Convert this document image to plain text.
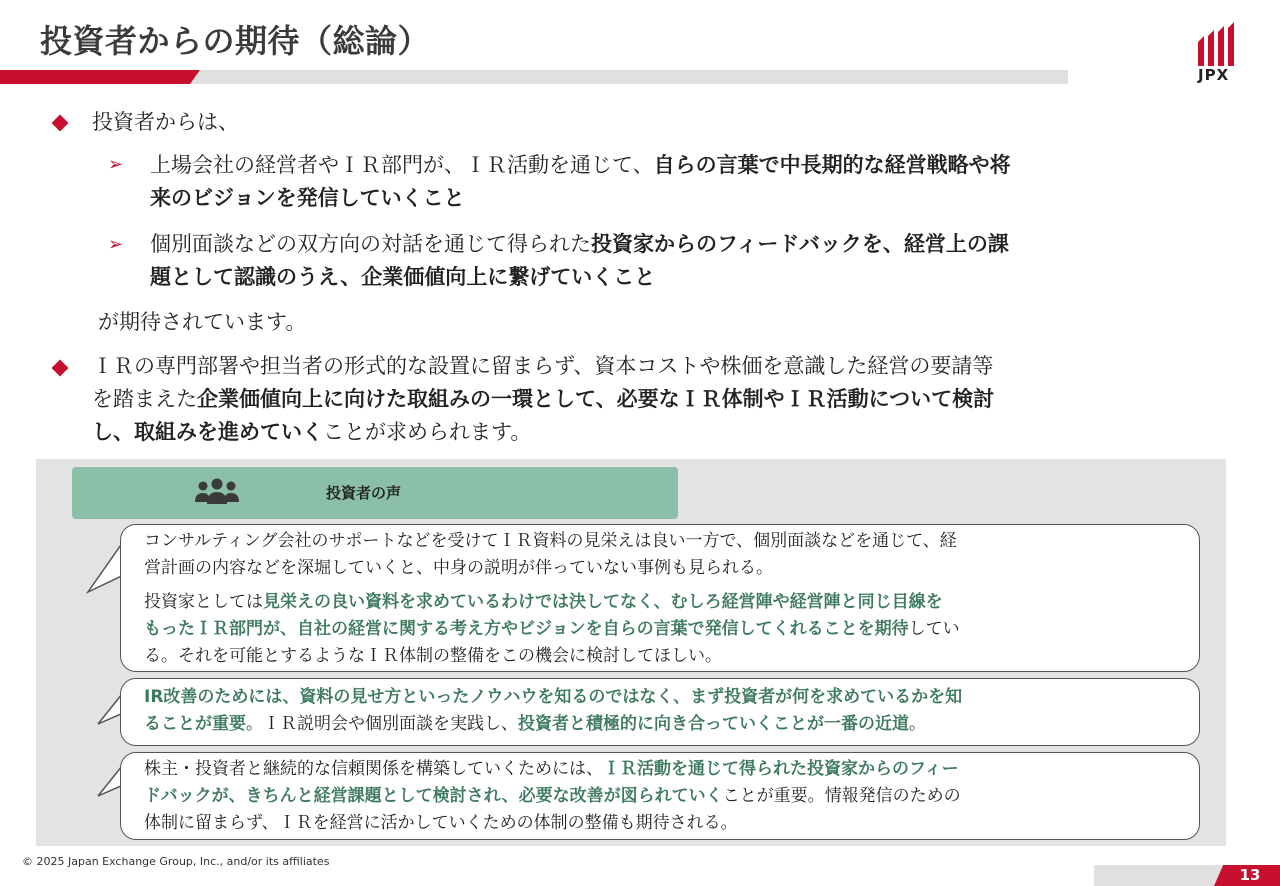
投資者からの期待（総論）
JPX
投資者からは、
➢ 上場会社の経営者やＩＲ部門が、ＩＲ活動を通じて、自らの言葉で中長期的な経営戦略や将
来のビジョンを発信していくこと
➢ 個別面談などの双方向の対話を通じて得られた投資家からのフィードバックを、経営上の課
題として認識のうえ、企業価値向上に繋げていくこと
が期待されています。
ＩＲの専門部署や担当者の形式的な設置に留まらず、資本コストや株価を意識した経営の要請等
を踏まえた企業価値向上に向けた取組みの一環として、必要なＩＲ体制やＩＲ活動について検討
し、取組みを進めていくことが求められます。
投資者の声
コンサルティング会社のサポートなどを受けてＩＲ資料の見栄えは良い一方で、個別面談などを通じて、経
営計画の内容などを深堀していくと、中身の説明が伴っていない事例も見られる。
投資家としては見栄えの良い資料を求めているわけでは決してなく、むしろ経営陣や経営陣と同じ目線を
もったＩＲ部門が、自社の経営に関する考え方やビジョンを自らの言葉で発信してくれることを期待してい
る。それを可能とするようなＩＲ体制の整備をこの機会に検討してほしい。
IR改善のためには、資料の見せ方といったノウハウを知るのではなく、まず投資者が何を求めているかを知
ることが重要。ＩＲ説明会や個別面談を実践し、投資者と積極的に向き合っていくことが一番の近道。
株主・投資者と継続的な信頼関係を構築していくためには、ＩＲ活動を通じて得られた投資家からのフィー
ドバックが、きちんと経営課題として検討され、必要な改善が図られていくことが重要。情報発信のための
体制に留まらず、ＩＲを経営に活かしていくための体制の整備も期待される。
© 2025 Japan Exchange Group, Inc., and/or its affiliates
13
